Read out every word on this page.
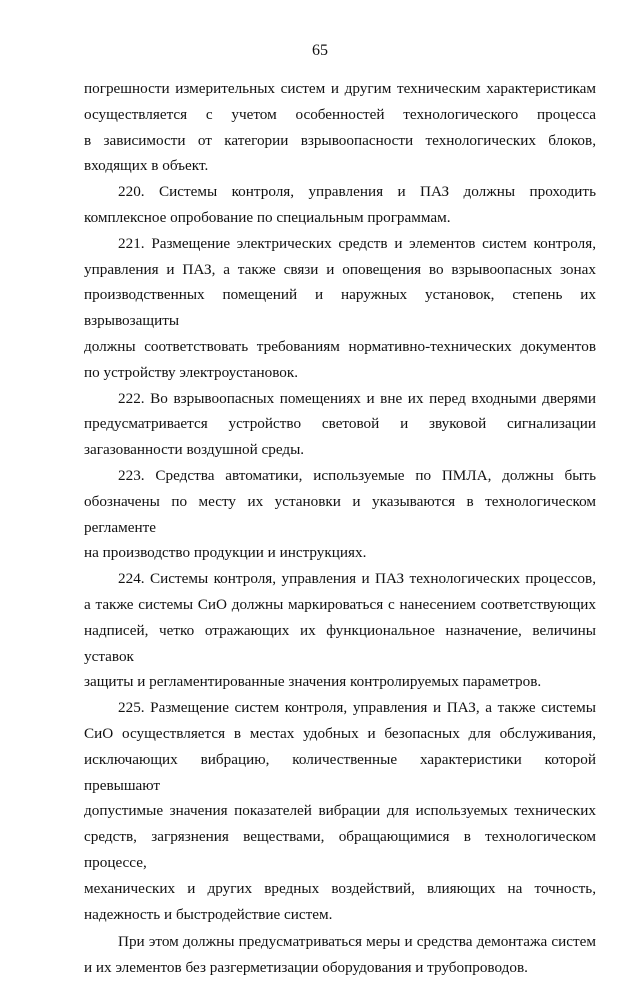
65

погрешности измерительных систем и другим техническим характеристикам
осуществляется с учетом особенностей технологического процесса
в зависимости от категории взрывоопасности технологических блоков,
входящих в объект.

220. Системы контроля, управления и ПАЗ должны проходить
комплексное опробование по специальным программам.

221. Размещение электрических средств и элементов систем контроля,
управления и ПАЗ, а также связи и оповещения во взрывоопасных зонах
производственных помещений и наружных установок, степень их взрывозащиты
должны соответствовать требованиям нормативно-технических документов
по устройству электроустановок.

222. Во взрывоопасных помещениях и вне их перед входными дверями
предусматривается устройство световой и звуковой сигнализации
загазованности воздушной среды.

223. Средства автоматики, используемые по ПМЛА, должны быть
обозначены по месту их установки и указываются в технологическом регламенте
на производство продукции и инструкциях.

224. Системы контроля, управления и ПАЗ технологических процессов,
а также системы СиО должны маркироваться с нанесением соответствующих
надписей, четко отражающих их функциональное назначение, величины уставок
защиты и регламентированные значения контролируемых параметров.

225. Размещение систем контроля, управления и ПАЗ, а также системы
СиО осуществляется в местах удобных и безопасных для обслуживания,
исключающих вибрацию, количественные характеристики которой превышают
допустимые значения показателей вибрации для используемых технических
средств, загрязнения веществами, обращающимися в технологическом процессе,
механических и других вредных воздействий, влияющих на точность,
надежность и быстродействие систем.

При этом должны предусматриваться меры и средства демонтажа систем
и их элементов без разгерметизации оборудования и трубопроводов.
